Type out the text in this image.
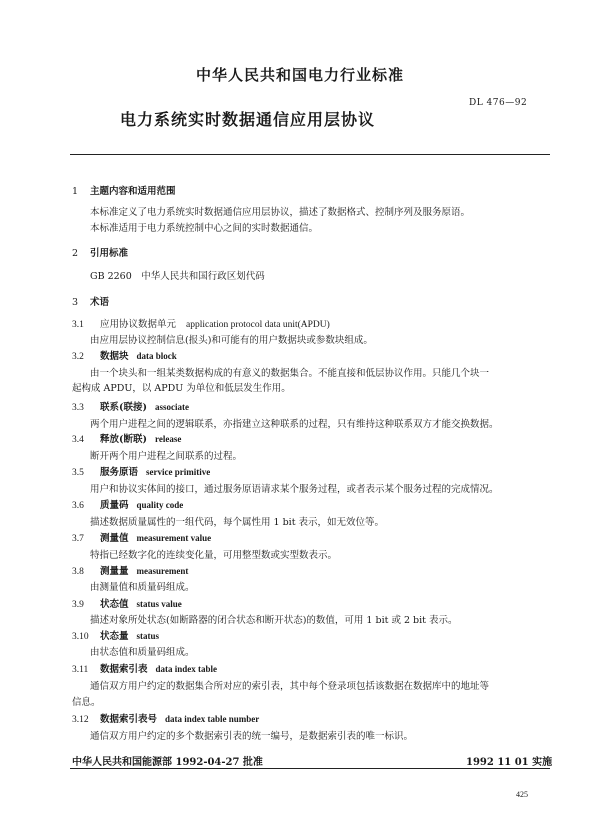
中华人民共和国电力行业标准
电力系统实时数据通信应用层协议
DL 476—92
1 主题内容和适用范围
本标准定义了电力系统实时数据通信应用层协议，描述了数据格式、控制序列及服务原语。
本标准适用于电力系统控制中心之间的实时数据通信。
2 引用标准
GB 2260　中华人民共和国行政区划代码
3 术语
3.1 应用协议数据单元 application protocol data unit(APDU)
由应用层协议控制信息(报头)和可能有的用户数据块或参数块组成。
3.2 数据块 data block
由一个块头和一组某类数据构成的有意义的数据集合。不能直接和低层协议作用。只能几个块一
起构成 APDU，以 APDU 为单位和低层发生作用。
3.3 联系(联接) associate
两个用户进程之间的逻辑联系，亦指建立这种联系的过程，只有维持这种联系双方才能交换数据。
3.4 释放(断联) release
断开两个用户进程之间联系的过程。
3.5 服务原语 service primitive
用户和协议实体间的接口，通过服务原语请求某个服务过程，或者表示某个服务过程的完成情况。
3.6 质量码 quality code
描述数据质量属性的一组代码，每个属性用 1 bit 表示，如无效位等。
3.7 测量值 measurement value
特指已经数字化的连续变化量，可用整型数或实型数表示。
3.8 测量量 measurement
由测量值和质量码组成。
3.9 状态值 status value
描述对象所处状态(如断路器的闭合状态和断开状态)的数值，可用 1 bit 或 2 bit 表示。
3.10 状态量 status
由状态值和质量码组成。
3.11 数据索引表 data index table
通信双方用户约定的数据集合所对应的索引表，其中每个登录项包括该数据在数据库中的地址等
信息。
3.12 数据索引表号 data index table number
通信双方用户约定的多个数据索引表的统一编号，是数据索引表的唯一标识。
中华人民共和国能源部 1992-04-27 批准	1992 11 01 实施
425
